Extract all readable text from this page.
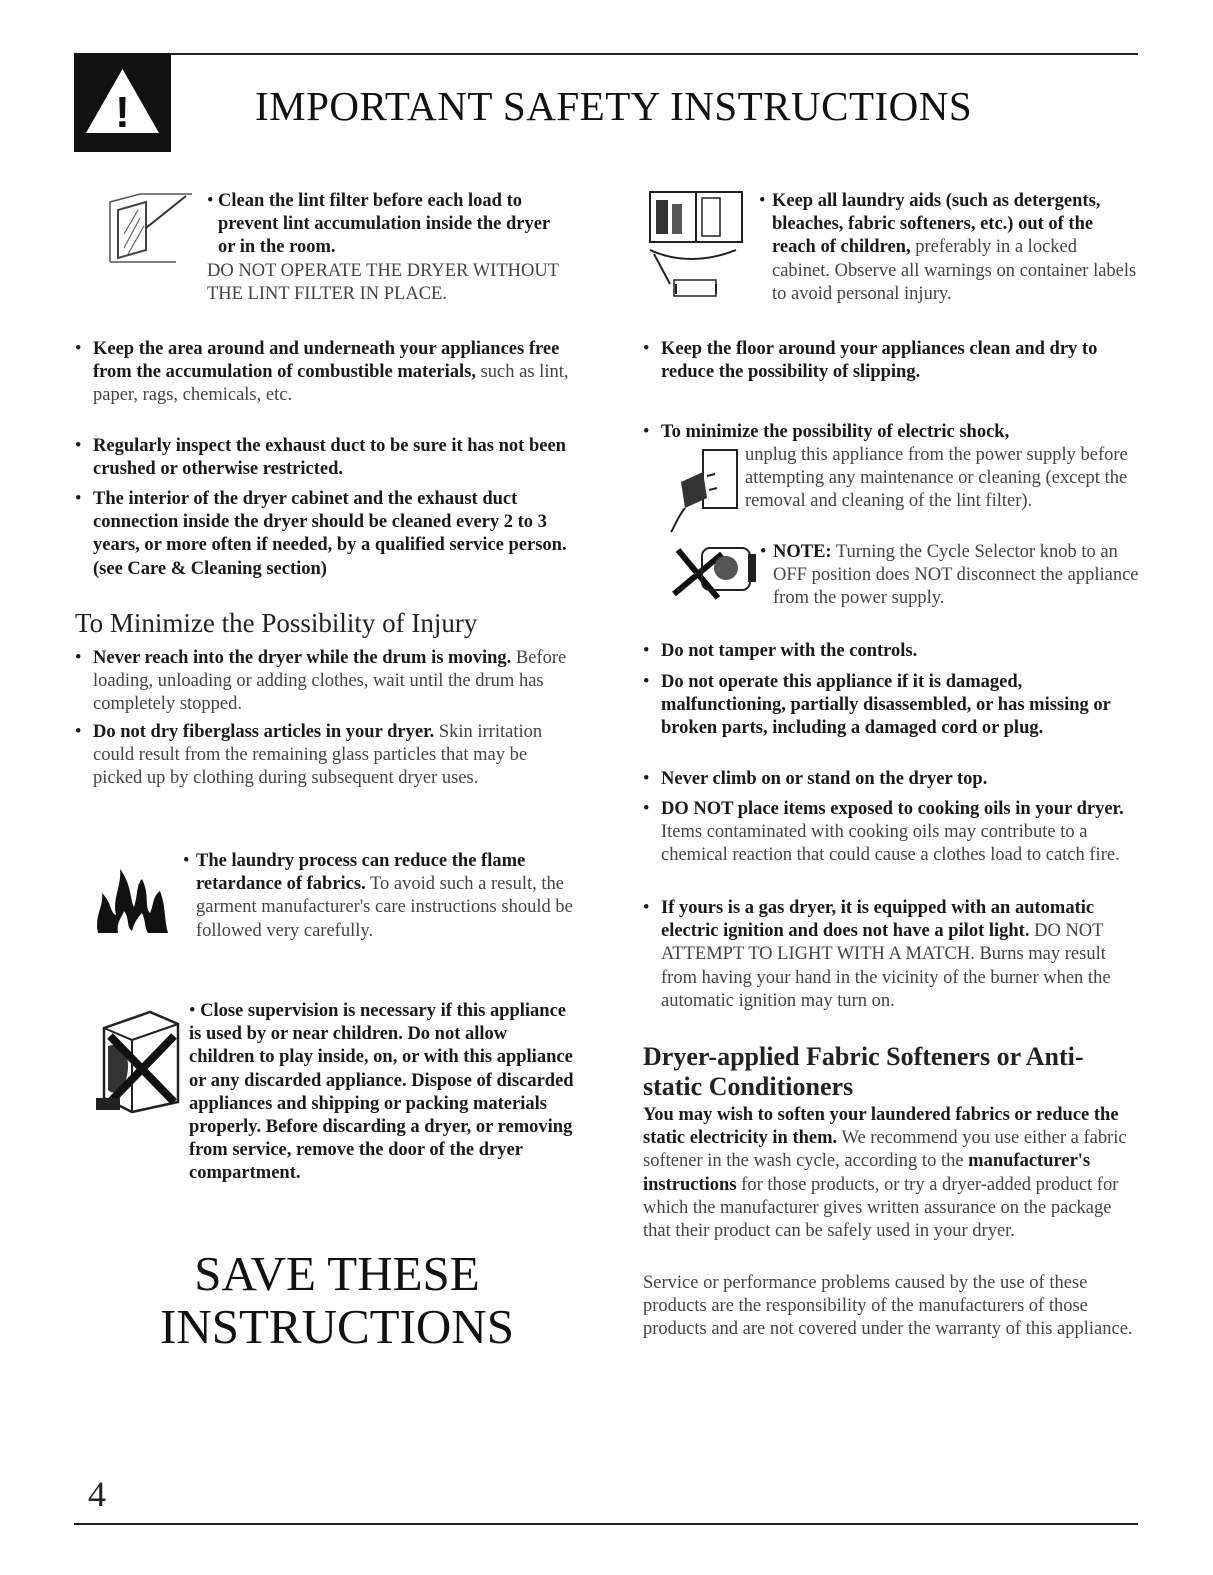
!	IMPORTANT SAFETY INSTRUCTIONS
• Clean the lint filter before each load to prevent lint accumulation inside the dryer or in the room.

DO NOT OPERATE THE DRYER WITHOUT THE LINT FILTER IN PLACE.

• Keep the area around and underneath your appliances free from the accumulation of combustible materials, such as lint, paper, rags, chemicals, etc.

• Regularly inspect the exhaust duct to be sure it has not been crushed or otherwise restricted.

• The interior of the dryer cabinet and the exhaust duct connection inside the dryer should be cleaned every 2 to 3 years, or more often if needed, by a qualified service person. (see Care & Cleaning section)

To Minimize the Possibility of Injury
• Never reach into the dryer while the drum is moving. Before loading, unloading or adding clothes, wait until the drum has completely stopped.

• Do not dry fiberglass articles in your dryer. Skin irritation could result from the remaining glass particles that may be picked up by clothing during subsequent dryer uses.

• The laundry process can reduce the flame retardance of fabrics. To avoid such a result, the garment manufacturer's care instructions should be followed very carefully.

• Close supervision is necessary if this appliance is used by or near children. Do not allow children to play inside, on, or with this appliance or any discarded appliance. Dispose of discarded appliances and shipping or packing materials properly. Before discarding a dryer, or removing from service, remove the door of the dryer compartment.

SAVE THESE
INSTRUCTIONS
4
• Keep all laundry aids (such as detergents, bleaches, fabric softeners, etc.) out of the reach of children, preferably in a locked cabinet. Observe all warnings on container labels to avoid personal injury.

• Keep the floor around your appliances clean and dry to reduce the possibility of slipping.

• To minimize the possibility of electric shock,

unplug this appliance from the power supply before attempting any maintenance or cleaning (except the removal and cleaning of the lint filter).

• NOTE: Turning the Cycle Selector knob to an OFF position does NOT disconnect the appliance from the power supply.

• Do not tamper with the controls.

• Do not operate this appliance if it is damaged, malfunctioning, partially disassembled, or has missing or broken parts, including a damaged cord or plug.

• Never climb on or stand on the dryer top.

• DO NOT place items exposed to cooking oils in your dryer. Items contaminated with cooking oils may contribute to a chemical reaction that could cause a clothes load to catch fire.

• If yours is a gas dryer, it is equipped with an automatic electric ignition and does not have a pilot light. DO NOT ATTEMPT TO LIGHT WITH A MATCH. Burns may result from having your hand in the vicinity of the burner when the automatic ignition may turn on.

Dryer-applied Fabric Softeners or Anti-static Conditioners

You may wish to soften your laundered fabrics or reduce the static electricity in them. We recommend you use either a fabric softener in the wash cycle, according to the manufacturer's instructions for those products, or try a dryer-added product for which the manufacturer gives written assurance on the package that their product can be safely used in your dryer.

Service or performance problems caused by the use of these products are the responsibility of the manufacturers of those products and are not covered under the warranty of this appliance.
